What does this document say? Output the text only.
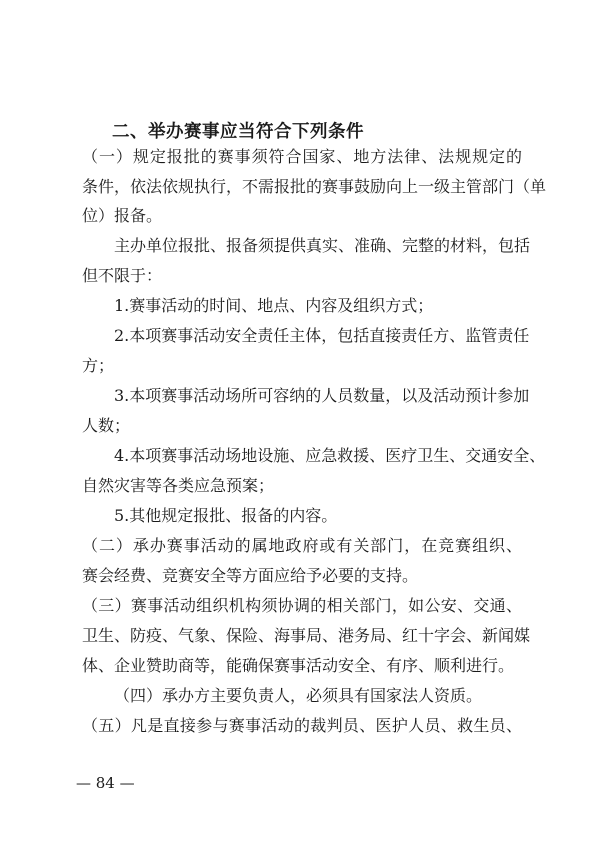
二、举办赛事应当符合下列条件
（一）规定报批的赛事须符合国家、地方法律、法规规定的
条件，依法依规执行，不需报批的赛事鼓励向上一级主管部门（单
位）报备。
主办单位报批、报备须提供真实、准确、完整的材料，包括
但不限于：
1.赛事活动的时间、地点、内容及组织方式；
2.本项赛事活动安全责任主体，包括直接责任方、监管责任
方；
3.本项赛事活动场所可容纳的人员数量，以及活动预计参加
人数；
4.本项赛事活动场地设施、应急救援、医疗卫生、交通安全、
自然灾害等各类应急预案；
5.其他规定报批、报备的内容。
（二）承办赛事活动的属地政府或有关部门，在竞赛组织、
赛会经费、竞赛安全等方面应给予必要的支持。
（三）赛事活动组织机构须协调的相关部门，如公安、交通、
卫生、防疫、气象、保险、海事局、港务局、红十字会、新闻媒
体、企业赞助商等，能确保赛事活动安全、有序、顺利进行。
（四）承办方主要负责人，必须具有国家法人资质。
（五）凡是直接参与赛事活动的裁判员、医护人员、救生员、
— 84 —
